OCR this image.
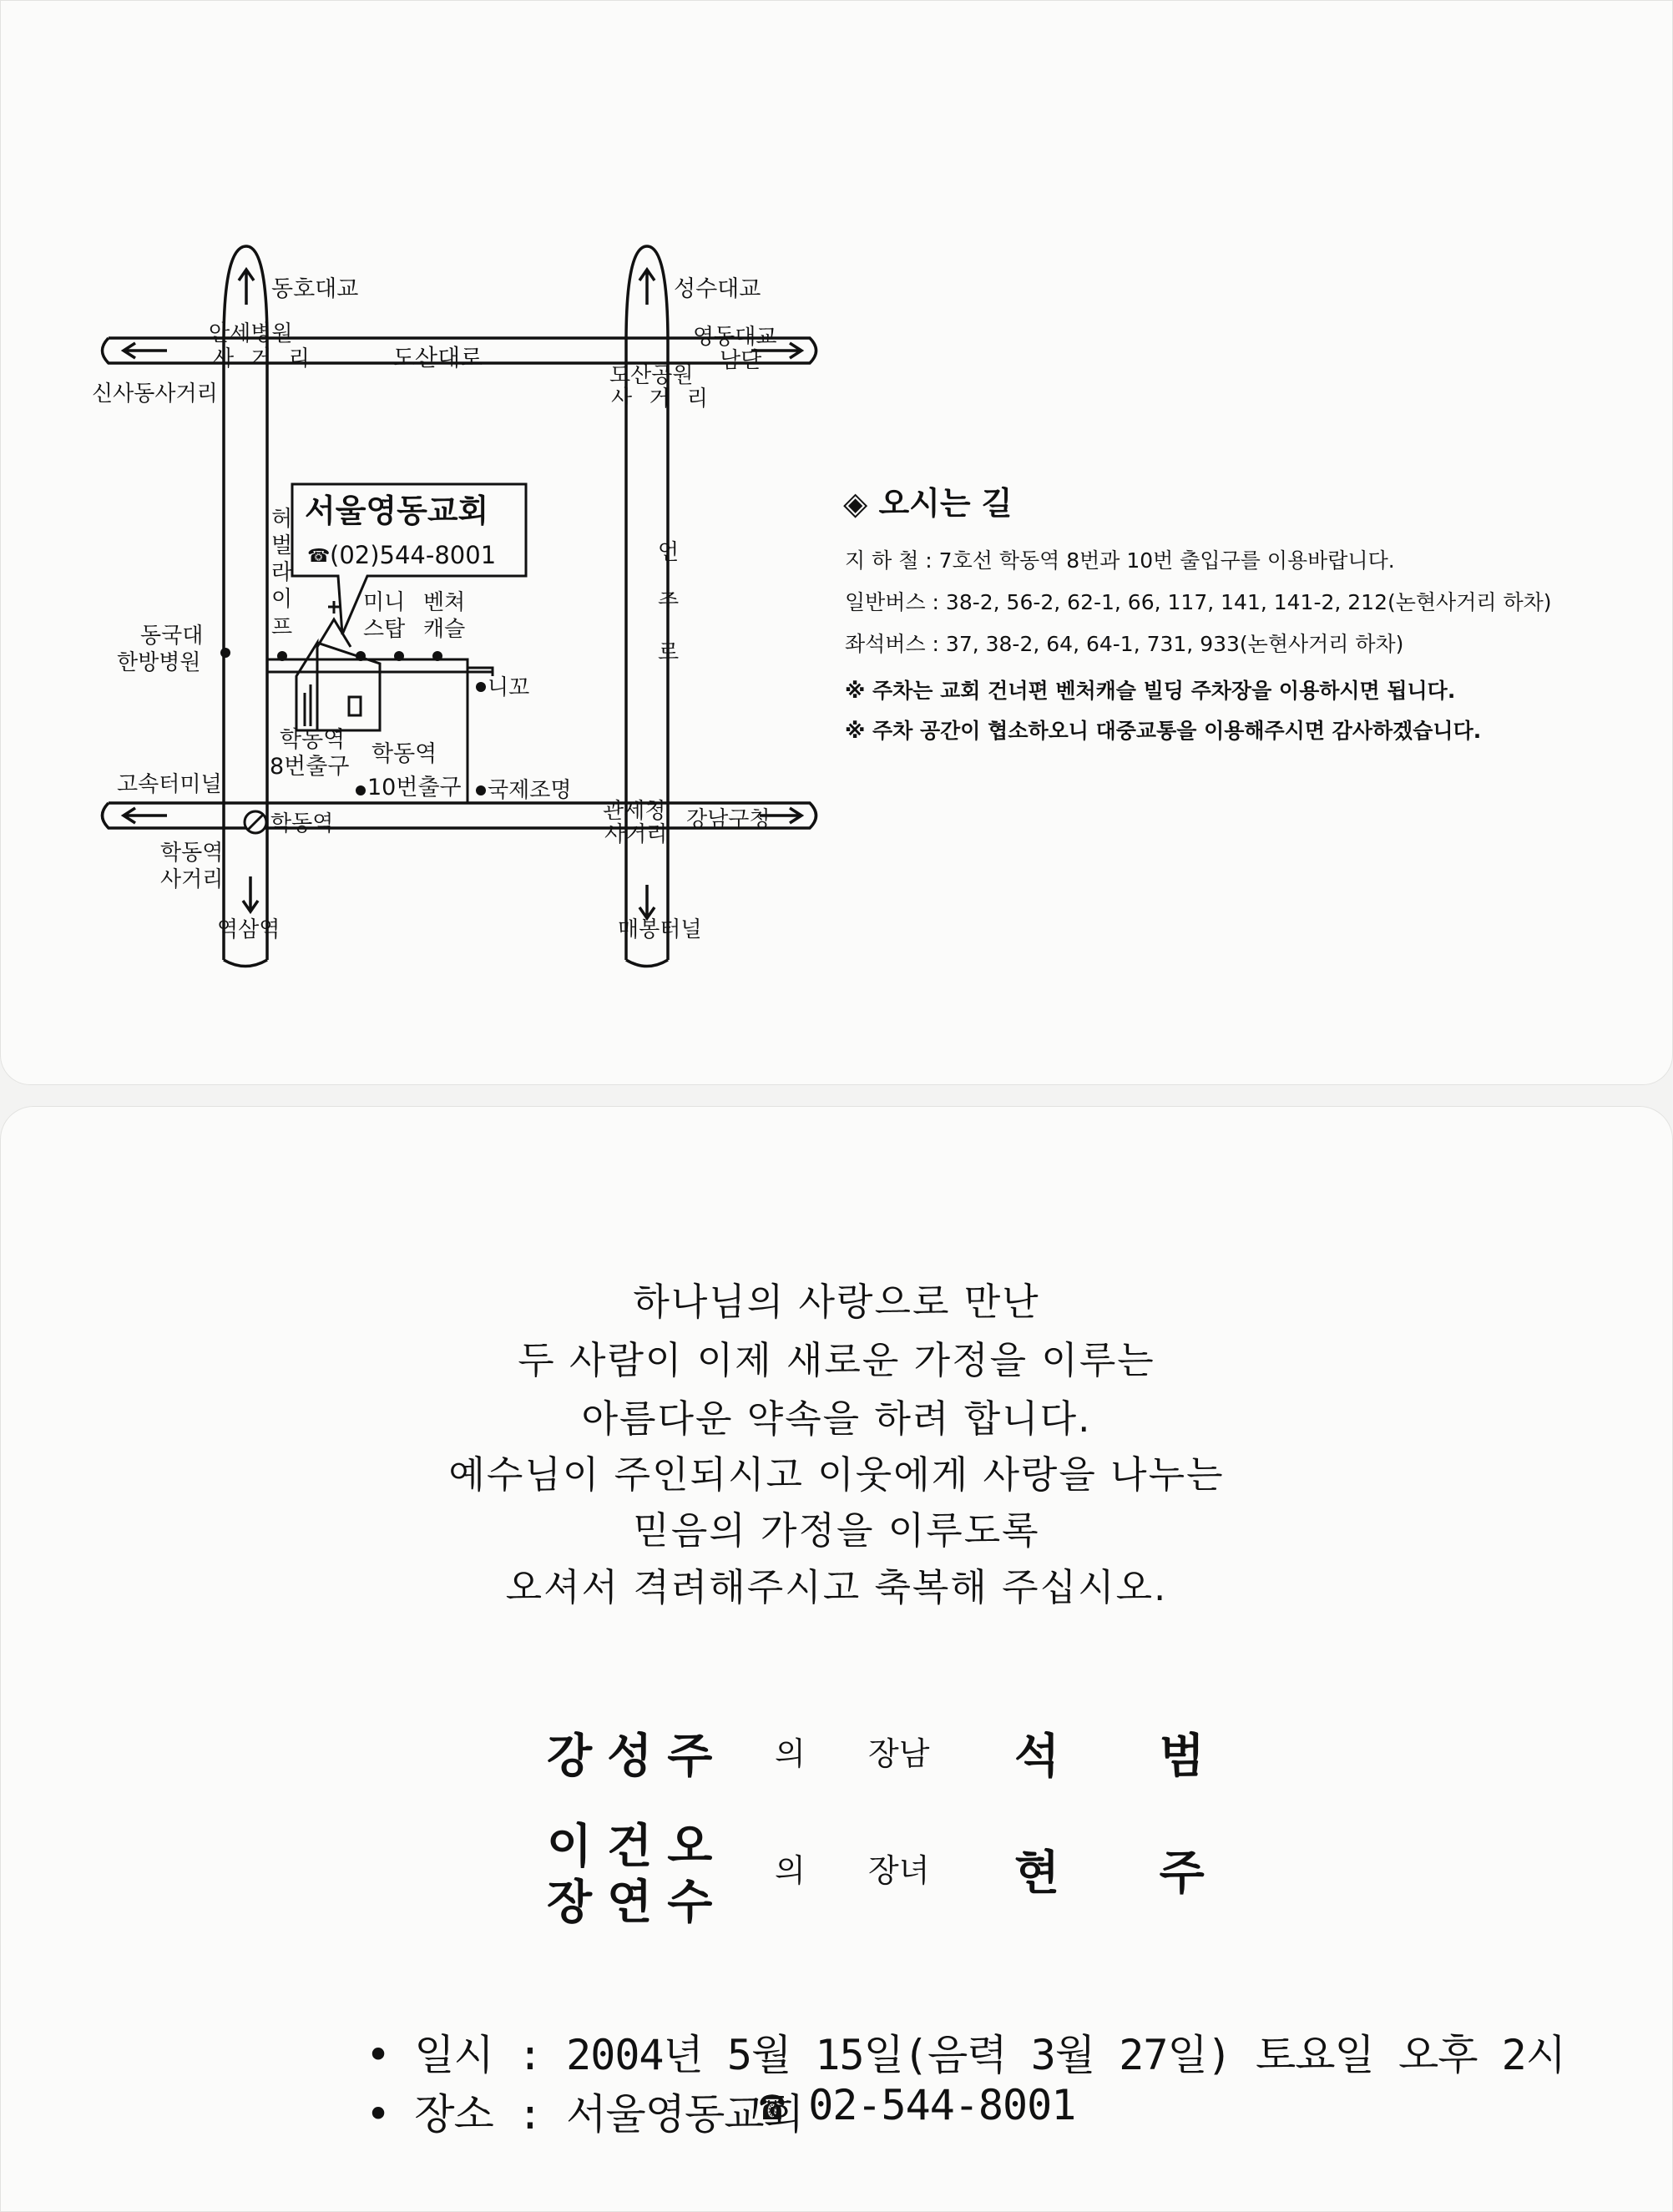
동호대교	성수대교
안세병원
사 거 리	도산대로
영동대교
남단
신사동사거리
도산공원
사 거 리
서울영동교회
☎ (02)544-8001
허
벌
라
이
프
미니
스탑
벤쳐
캐슬
언
주
로
동국대
한방병원
니꼬
학동역
8번출구 학동역
10번출구 국제조명
고속터미널
학동역	관세청
사거리
강남구청
학동역
사거리
역삼역	매봉터널
◈ 오시는 길
지 하 철 : 7호선 학동역 8번과 10번 출입구를 이용바랍니다.
일반버스 : 38-2, 56-2, 62-1, 66, 117, 141, 141-2, 212(논현사거리 하차)
좌석버스 : 37, 38-2, 64, 64-1, 731, 933(논현사거리 하차)
※ 주차는 교회 건너편 벤처캐슬 빌딩 주차장을 이용하시면 됩니다.
※ 주차 공간이 협소하오니 대중교통을 이용해주시면 감사하겠습니다.
하나님의 사랑으로 만난
두 사람이 이제 새로운 가정을 이루는
아름다운 약속을 하려 합니다.
예수님이 주인되시고 이웃에게 사랑을 나누는
믿음의 가정을 이루도록
오셔서 격려해주시고 축복해 주십시오.
강성주 의 장남 석 범
이건오
장연수
의 장녀 현 주
• 일시 : 2004년 5월 15일(음력 3월 27일) 토요일 오후 2시
• 장소 : 서울영동교회
☎ 02-544-8001
